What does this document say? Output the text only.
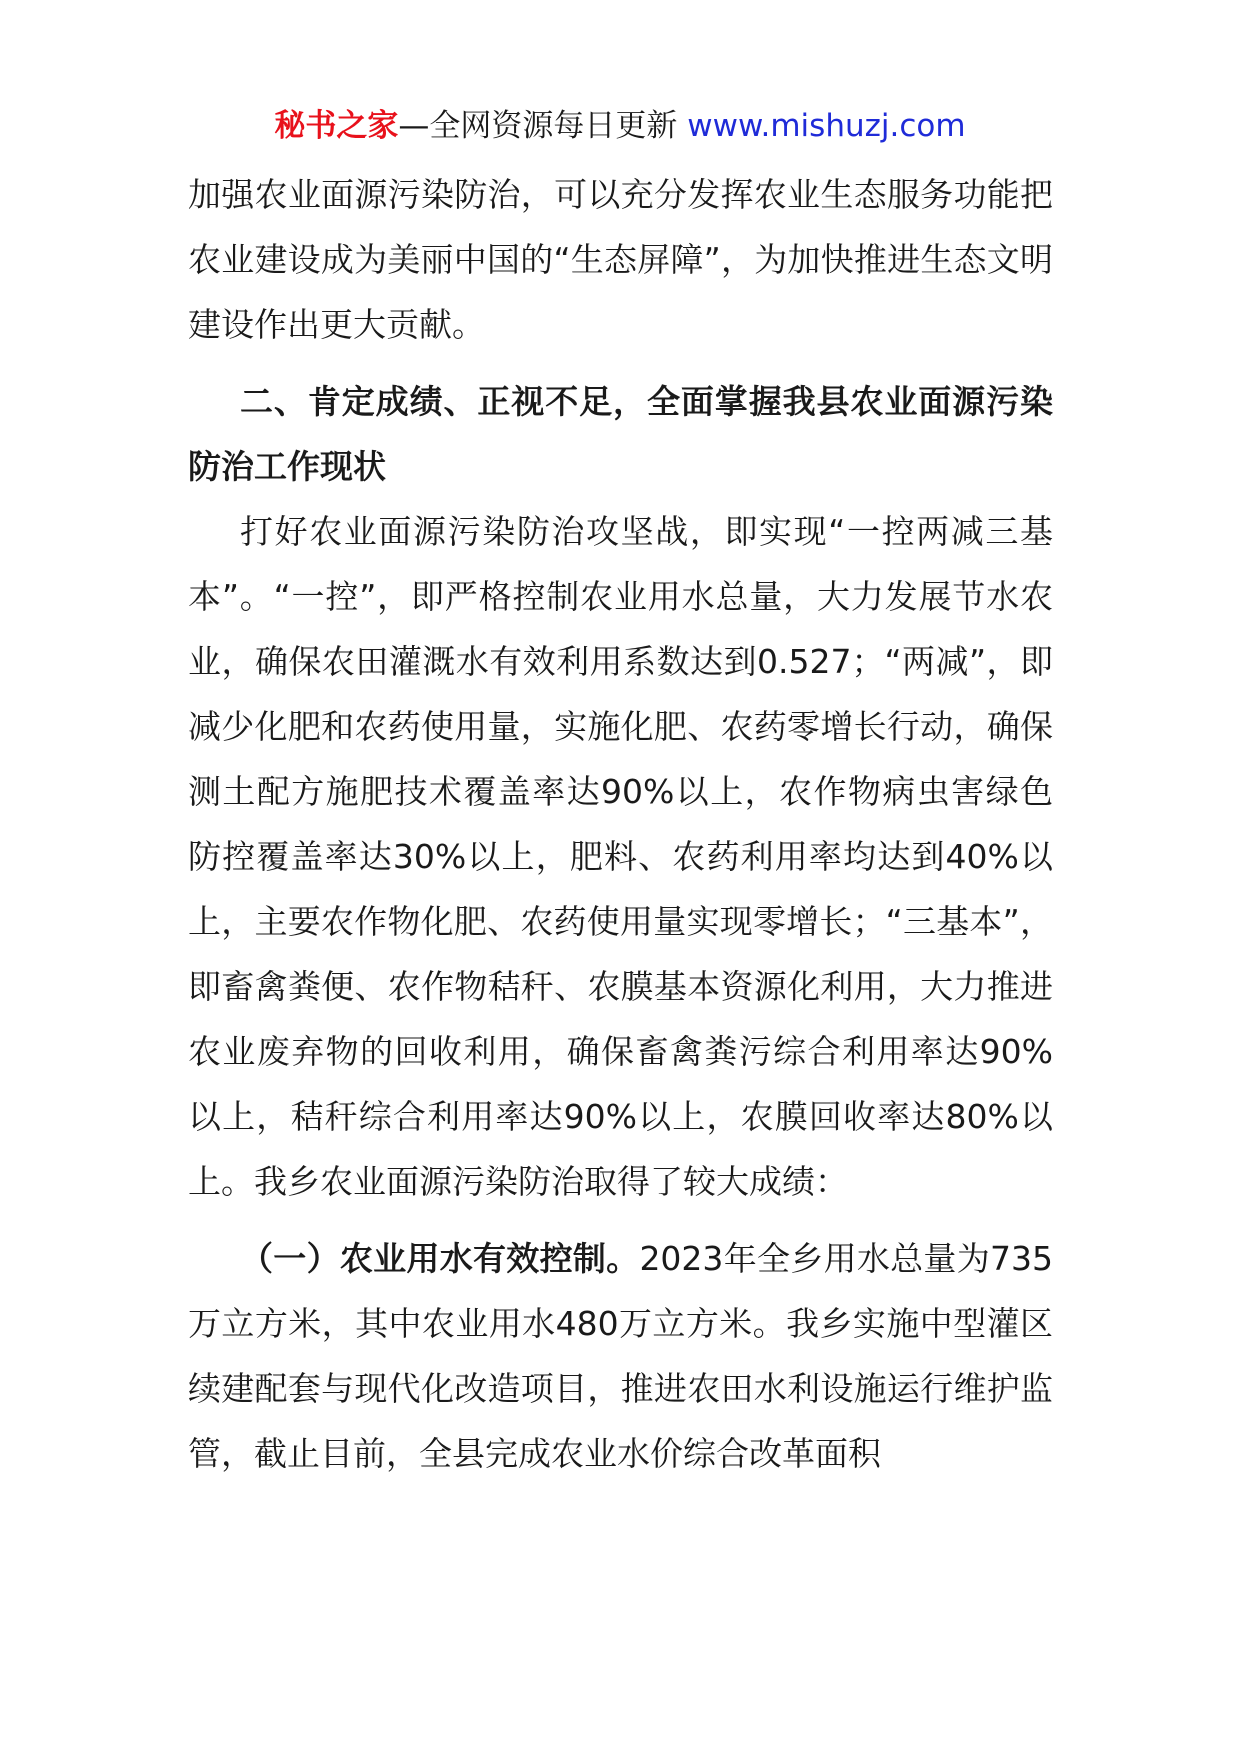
秘书之家—全网资源每日更新 www.mishuzj.com

加强农业面源污染防治，可以充分发挥农业生态服务功能把农业建设成为美丽中国的“生态屏障”，为加快推进生态文明建设作出更大贡献。

二、肯定成绩、正视不足，全面掌握我县农业面源污染防治工作现状

打好农业面源污染防治攻坚战，即实现“一控两减三基本”。“一控”，即严格控制农业用水总量，大力发展节水农业，确保农田灌溉水有效利用系数达到0.527；“两减”，即减少化肥和农药使用量，实施化肥、农药零增长行动，确保测土配方施肥技术覆盖率达90%以上，农作物病虫害绿色防控覆盖率达30%以上，肥料、农药利用率均达到40%以上，主要农作物化肥、农药使用量实现零增长；“三基本”，即畜禽粪便、农作物秸秆、农膜基本资源化利用，大力推进农业废弃物的回收利用，确保畜禽粪污综合利用率达90%以上，秸秆综合利用率达90%以上，农膜回收率达80%以上。我乡农业面源污染防治取得了较大成绩：

（一）农业用水有效控制。2023年全乡用水总量为735万立方米，其中农业用水480万立方米。我乡实施中型灌区续建配套与现代化改造项目，推进农田水利设施运行维护监管，截止目前，全县完成农业水价综合改革面积
